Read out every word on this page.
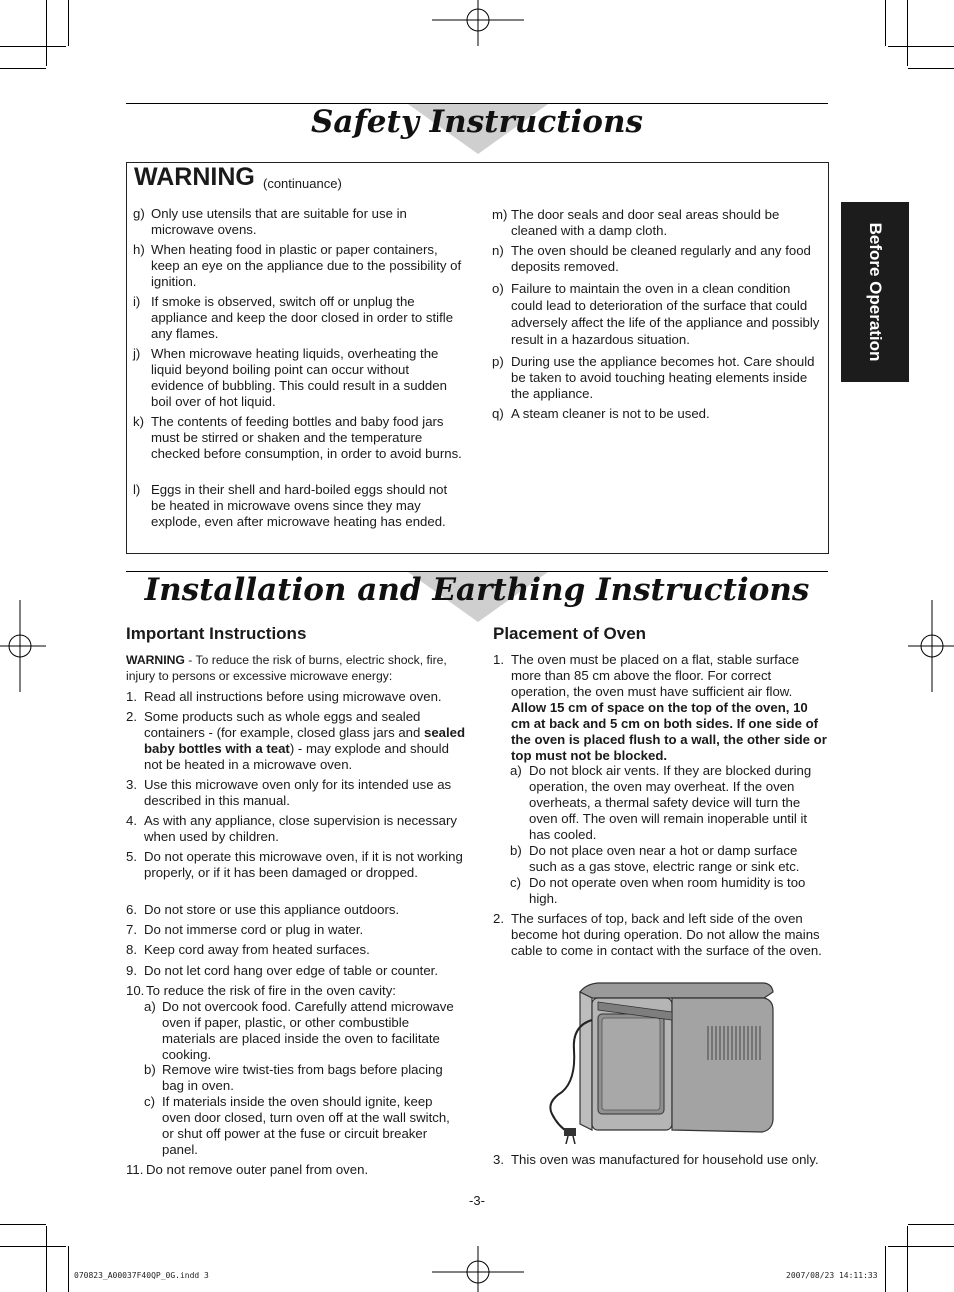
Safety Instructions
WARNING (continuance)
g) Only use utensils that are suitable for use in microwave ovens.
h) When heating food in plastic or paper containers, keep an eye on the appliance due to the possibility of ignition.
i) If smoke is observed, switch off or unplug the appliance and keep the door closed in order to stifle any flames.
j) When microwave heating liquids, overheating the liquid beyond boiling point can occur without evidence of bubbling. This could result in a sudden boil over of hot liquid.
k) The contents of feeding bottles and baby food jars must be stirred or shaken and the temperature checked before consumption, in order to avoid burns.
l) Eggs in their shell and hard-boiled eggs should not be heated in microwave ovens since they may explode, even after microwave heating has ended.
m) The door seals and door seal areas should be cleaned with a damp cloth.
n) The oven should be cleaned regularly and any food deposits removed.
o) Failure to maintain the oven in a clean condition could lead to deterioration of the surface that could adversely affect the life of the appliance and possibly result in a hazardous situation.
p) During use the appliance becomes hot. Care should be taken to avoid touching heating elements inside the appliance.
q) A steam cleaner is not to be used.
Before Operation
Installation and Earthing Instructions
Important Instructions
WARNING - To reduce the risk of burns, electric shock, fire, injury to persons or excessive microwave energy:
1. Read all instructions before using microwave oven.
2. Some products such as whole eggs and sealed containers - (for example, closed glass jars and sealed baby bottles with a teat) - may explode and should not be heated in a microwave oven.
3. Use this microwave oven only for its intended use as described in this manual.
4. As with any appliance, close supervision is necessary when used by children.
5. Do not operate this microwave oven, if it is not working properly, or if it has been damaged or dropped.
6. Do not store or use this appliance outdoors.
7. Do not immerse cord or plug in water.
8. Keep cord away from heated surfaces.
9. Do not let cord hang over edge of table or counter.
10. To reduce the risk of fire in the oven cavity:
11. Do not remove outer panel from oven.
a) Do not overcook food. Carefully attend microwave oven if paper, plastic, or other combustible materials are placed inside the oven to facilitate cooking.
b) Remove wire twist-ties from bags before placing bag in oven.
c) If materials inside the oven should ignite, keep oven door closed, turn oven off at the wall switch, or shut off power at the fuse or circuit breaker panel.
Placement of Oven
1. The oven must be placed on a flat, stable surface more than 85 cm above the floor. For correct operation, the oven must have sufficient air flow. Allow 15 cm of space on the top of the oven, 10 cm at back and 5 cm on both sides. If one side of the oven is placed flush to a wall, the other side or top must not be blocked.
a) Do not block air vents. If they are blocked during operation, the oven may overheat. If the oven overheats, a thermal safety device will turn the oven off. The oven will remain inoperable until it has cooled.
b) Do not place oven near a hot or damp surface such as a gas stove, electric range or sink etc.
c) Do not operate oven when room humidity is too high.
2. The surfaces of top, back and left side of the oven become hot during operation. Do not allow the mains cable to come in contact with the surface of the oven.
3. This oven was manufactured for household use only.
-3-
070823_A00037F40QP_0G.indd 3	2007/08/23 14:11:33
